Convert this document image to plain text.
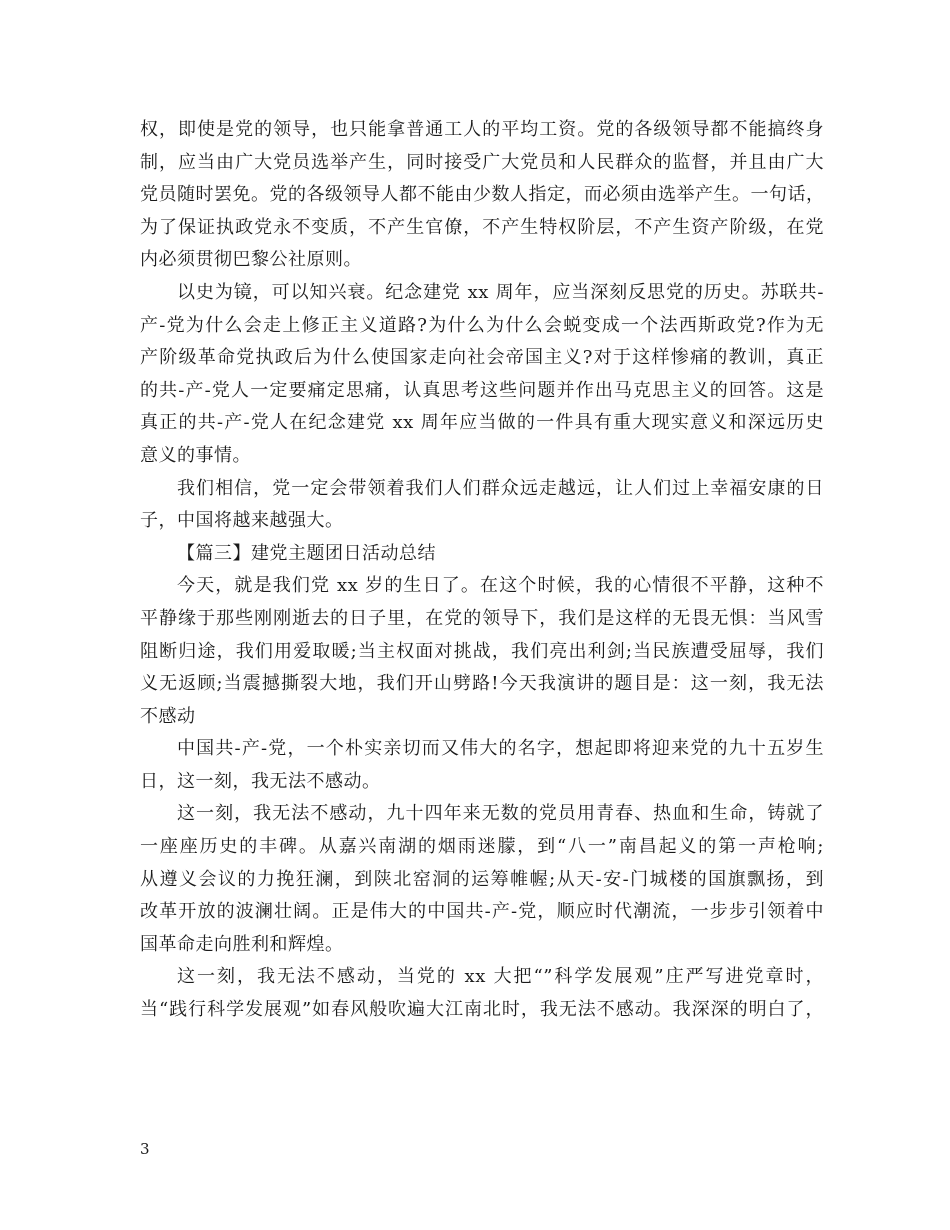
权，即使是党的领导，也只能拿普通工人的平均工资。党的各级领导都不能搞终身
制，应当由广大党员选举产生，同时接受广大党员和人民群众的监督，并且由广大
党员随时罢免。党的各级领导人都不能由少数人指定，而必须由选举产生。一句话，
为了保证执政党永不变质，不产生官僚，不产生特权阶层，不产生资产阶级，在党
内必须贯彻巴黎公社原则。
以史为镜，可以知兴衰。纪念建党 xx 周年，应当深刻反思党的历史。苏联共-
产-党为什么会走上修正主义道路?为什么为什么会蜕变成一个法西斯政党?作为无
产阶级革命党执政后为什么使国家走向社会帝国主义?对于这样惨痛的教训，真正
的共-产-党人一定要痛定思痛，认真思考这些问题并作出马克思主义的回答。这是
真正的共-产-党人在纪念建党 xx 周年应当做的一件具有重大现实意义和深远历史
意义的事情。
我们相信，党一定会带领着我们人们群众远走越远，让人们过上幸福安康的日
子，中国将越来越强大。
【篇三】建党主题团日活动总结
今天，就是我们党 xx 岁的生日了。在这个时候，我的心情很不平静，这种不
平静缘于那些刚刚逝去的日子里，在党的领导下，我们是这样的无畏无惧：当风雪
阻断归途，我们用爱取暖;当主权面对挑战，我们亮出利剑;当民族遭受屈辱，我们
义无返顾;当震撼撕裂大地，我们开山劈路!今天我演讲的题目是：这一刻，我无法
不感动
中国共-产-党，一个朴实亲切而又伟大的名字，想起即将迎来党的九十五岁生
日，这一刻，我无法不感动。
这一刻，我无法不感动，九十四年来无数的党员用青春、热血和生命，铸就了
一座座历史的丰碑。从嘉兴南湖的烟雨迷朦，到“八一”南昌起义的第一声枪响;
从遵义会议的力挽狂澜，到陕北窑洞的运筹帷幄;从天-安-门城楼的国旗飘扬，到
改革开放的波澜壮阔。正是伟大的中国共-产-党，顺应时代潮流，一步步引领着中
国革命走向胜利和辉煌。
这一刻，我无法不感动，当党的 xx 大把“”科学发展观”庄严写进党章时，
当“践行科学发展观”如春风般吹遍大江南北时，我无法不感动。我深深的明白了，
3
